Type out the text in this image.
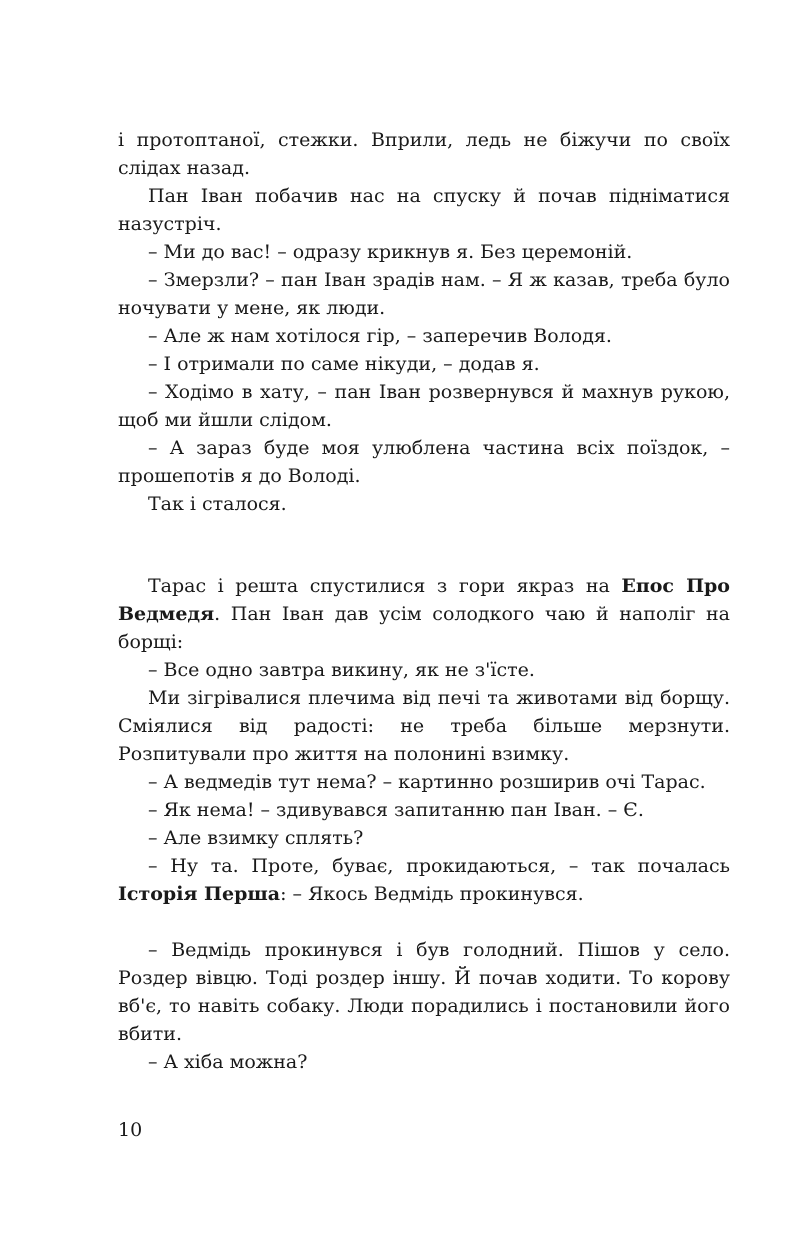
і протоптаної, стежки. Вприли, ледь не біжучи по своїх слідах назад.

Пан Іван побачив нас на спуску й почав підніматися назустріч.

– Ми до вас! – одразу крикнув я. Без церемоній.

– Змерзли? – пан Іван зрадів нам. – Я ж казав, треба було ночувати у мене, як люди.

– Але ж нам хотілося гір, – заперечив Володя.

– І отримали по саме нікуди, – додав я.

– Ходімо в хату, – пан Іван розвернувся й махнув рукою, щоб ми йшли слідом.

– А зараз буде моя улюблена частина всіх поїздок, – прошепотів я до Володі.

Так і сталося.

Тарас і решта спустилися з гори якраз на Епос Про Ведмедя. Пан Іван дав усім солодкого чаю й наполіг на борщі:

– Все одно завтра викину, як не з'їсте.

Ми зігрівалися плечима від печі та животами від борщу. Сміялися від радості: не треба більше мерзнути. Розпитували про життя на полонині взимку.

– А ведмедів тут нема? – картинно розширив очі Тарас.

– Як нема! – здивувався запитанню пан Іван. – Є.

– Але взимку сплять?

– Ну та. Проте, буває, прокидаються, – так почалась Історія Перша: – Якось Ведмідь прокинувся.

– Ведмідь прокинувся і був голодний. Пішов у село. Роздер вівцю. Тоді роздер іншу. Й почав ходити. То корову вб'є, то навіть собаку. Люди порадились і постановили його вбити.

– А хіба можна?

10
